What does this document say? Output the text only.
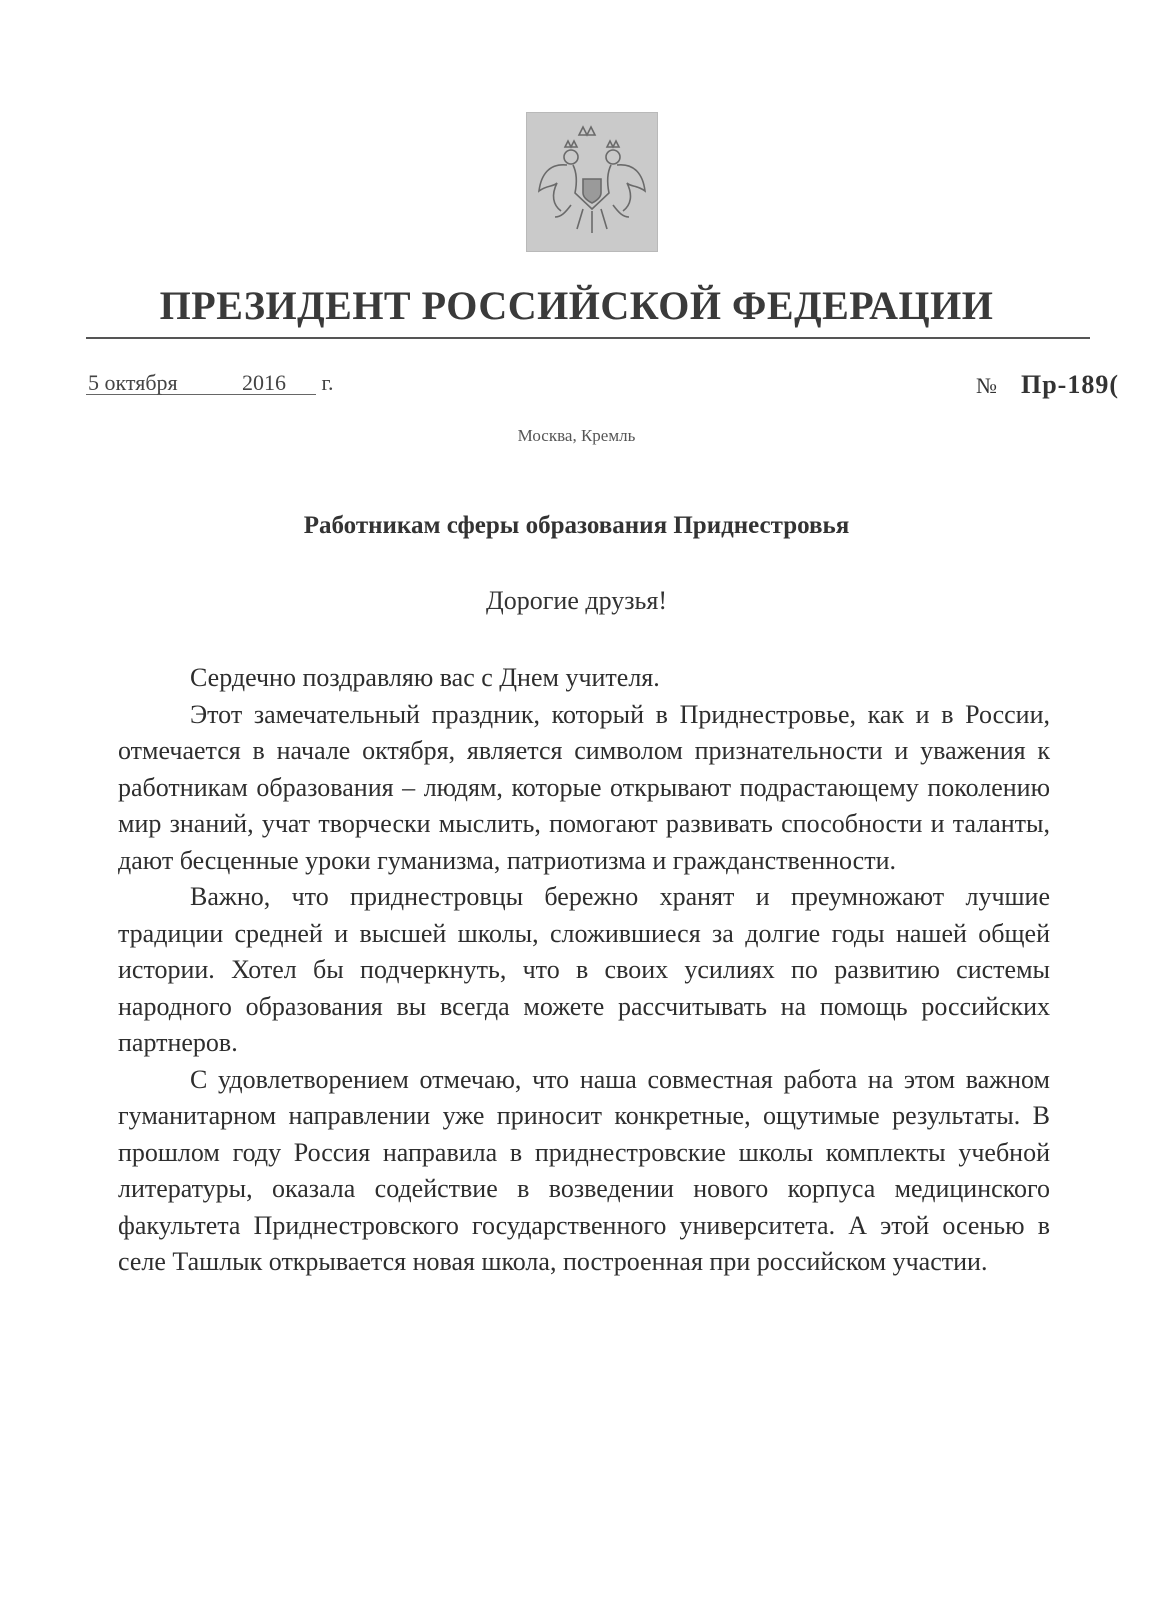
ПРЕЗИДЕНТ РОССИЙСКОЙ ФЕДЕРАЦИИ
5 октября	2016 г.	№ Пр-189(
Москва, Кремль
Работникам сферы образования Приднестровья
Дорогие друзья!

Сердечно поздравляю вас с Днем учителя.

Этот замечательный праздник, который в Приднестровье, как и в России, отмечается в начале октября, является символом признательности и уважения к работникам образования – людям, которые открывают подрастающему поколению мир знаний, учат творчески мыслить, помогают развивать способности и таланты, дают бесценные уроки гуманизма, патриотизма и гражданственности.

Важно, что приднестровцы бережно хранят и преумножают лучшие традиции средней и высшей школы, сложившиеся за долгие годы нашей общей истории. Хотел бы подчеркнуть, что в своих усилиях по развитию системы народного образования вы всегда можете рассчитывать на помощь российских партнеров.

С удовлетворением отмечаю, что наша совместная работа на этом важном гуманитарном направлении уже приносит конкретные, ощутимые результаты. В прошлом году Россия направила в приднестровские школы комплекты учебной литературы, оказала содействие в возведении нового корпуса медицинского факультета Приднестровского государственного университета. А этой осенью в селе Ташлык открывается новая школа, построенная при российском участии.
